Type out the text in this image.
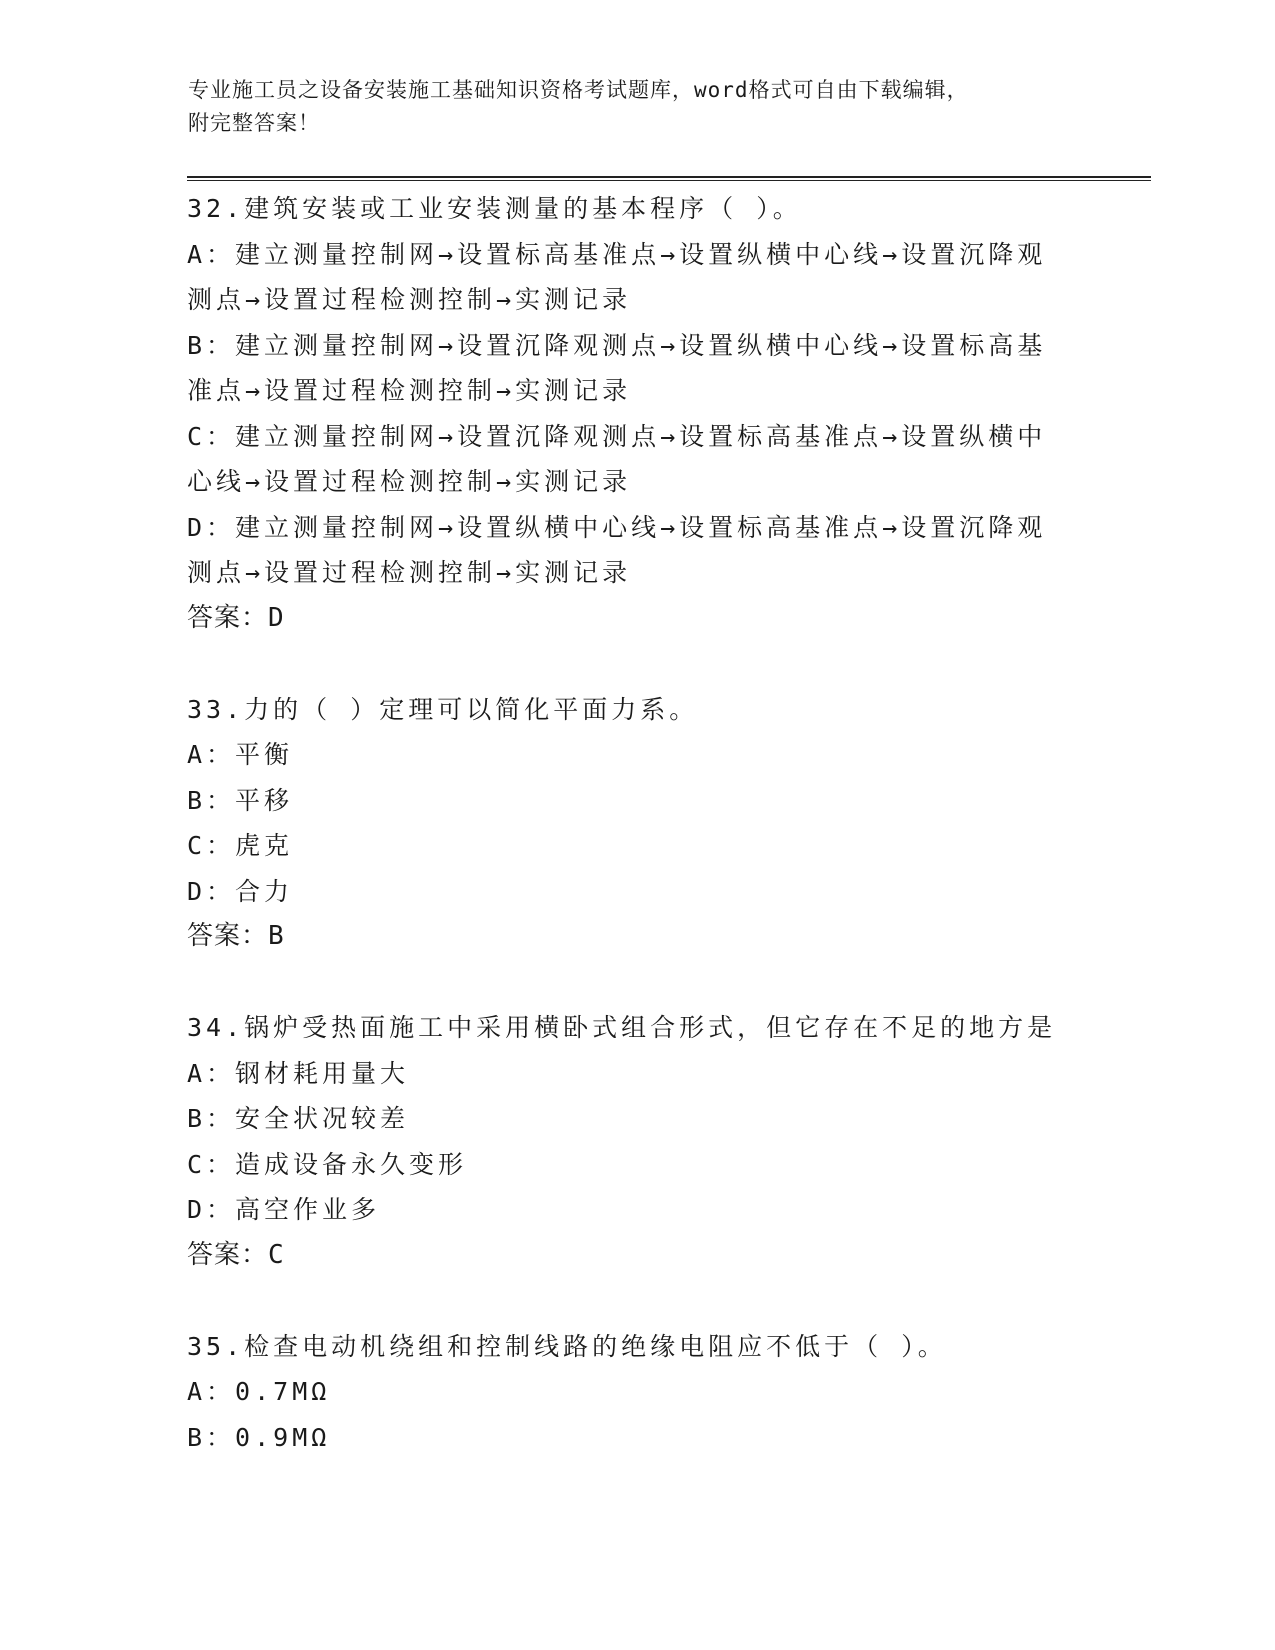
专业施工员之设备安装施工基础知识资格考试题库，word格式可自由下载编辑，
附完整答案！
32.建筑安装或工业安装测量的基本程序（ ）。
A：建立测量控制网→设置标高基准点→设置纵横中心线→设置沉降观
测点→设置过程检测控制→实测记录
B：建立测量控制网→设置沉降观测点→设置纵横中心线→设置标高基
准点→设置过程检测控制→实测记录
C：建立测量控制网→设置沉降观测点→设置标高基准点→设置纵横中
心线→设置过程检测控制→实测记录
D：建立测量控制网→设置纵横中心线→设置标高基准点→设置沉降观
测点→设置过程检测控制→实测记录
答案：D
33.力的（ ）定理可以简化平面力系。
A：平衡
B：平移
C：虎克
D：合力
答案：B
34.锅炉受热面施工中采用横卧式组合形式，但它存在不足的地方是
A：钢材耗用量大
B：安全状况较差
C：造成设备永久变形
D：高空作业多
答案：C
35.检查电动机绕组和控制线路的绝缘电阻应不低于（ ）。
A：0.7MΩ
B：0.9MΩ
